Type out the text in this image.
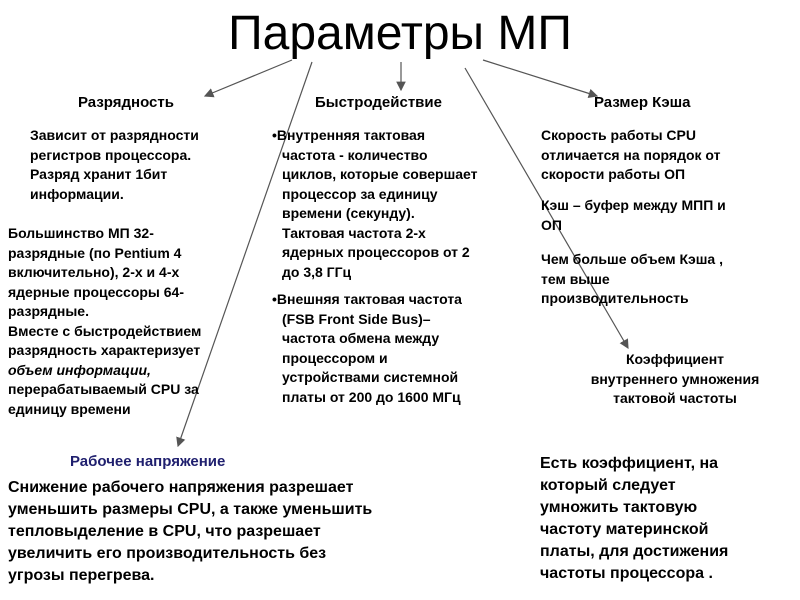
Параметры МП
Разрядность	Быстродействие	Размер Кэша
Зависит от разрядности
регистров процессора.
Разряд хранит 1бит
информации.
Большинство МП 32-
разрядные (по Pentium 4
включительно), 2-х и 4-х
ядерные процессоры 64-
разрядные.
Вместе с быстродействием
разрядность характеризует
объем информации,
перерабатываемый CPU за
единицу времени

•Внутренняя тактовая
частота - количество
циклов, которые совершает
процессор за единицу
времени (секунду).
Тактовая частота 2-х
ядерных процессоров от 2
до 3,8 ГГц

•Внешняя тактовая частота
(FSB Front Side Bus)–
частота обмена между
процессором и
устройствами системной
платы от 200 до 1600 МГц

Скорость работы CPU
отличается на порядок от
скорости работы ОП
Кэш – буфер между МПП и
ОП
Чем больше объем Кэша ,
тем выше
производительность
Коэффициент
внутреннего умножения
тактовой частоты
Рабочее напряжение
Снижение рабочего напряжения разрешает
уменьшить размеры CPU, а также уменьшить
тепловыделение в CPU, что разрешает
увеличить его производительность без
угрозы перегрева.
Есть коэффициент, на
который следует
умножить тактовую
частоту материнской
платы, для достижения
частоты процессора .
